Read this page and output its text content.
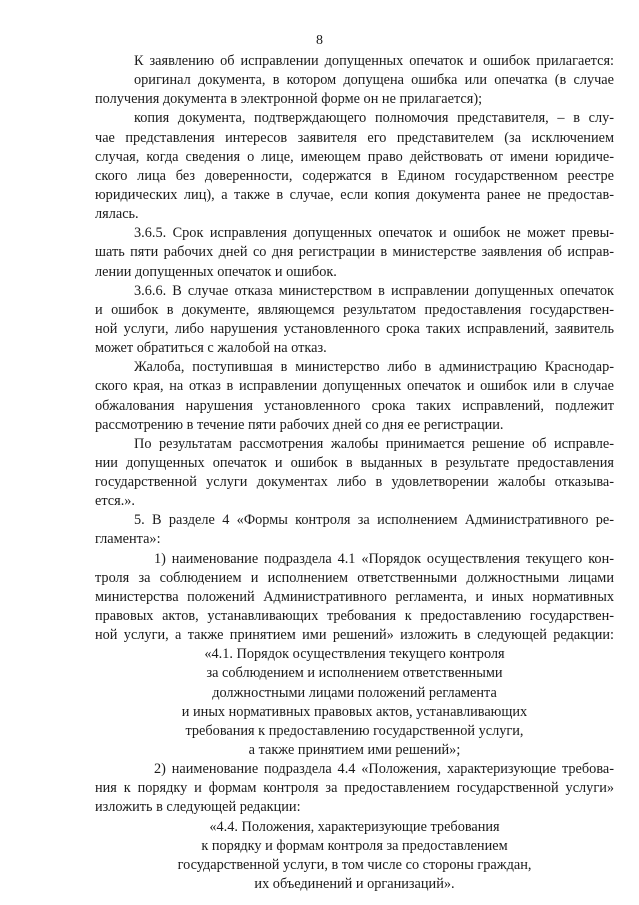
8
К заявлению об исправлении допущенных опечаток и ошибок прилагается:
оригинал документа, в котором допущена ошибка или опечатка (в случае
получения документа в электронной форме он не прилагается);
копия документа, подтверждающего полномочия представителя, – в слу-
чае представления интересов заявителя его представителем (за исключением
случая, когда сведения о лице, имеющем право действовать от имени юридиче-
ского лица без доверенности, содержатся в Едином государственном реестре
юридических лиц), а также в случае, если копия документа ранее не предостав-
лялась.
3.6.5. Срок исправления допущенных опечаток и ошибок не может превы-
шать пяти рабочих дней со дня регистрации в министерстве заявления об исправ-
лении допущенных опечаток и ошибок.
3.6.6. В случае отказа министерством в исправлении допущенных опечаток
и ошибок в документе, являющемся результатом предоставления государствен-
ной услуги, либо нарушения установленного срока таких исправлений, заявитель
может обратиться с жалобой на отказ.
Жалоба, поступившая в министерство либо в администрацию Краснодар-
ского края, на отказ в исправлении допущенных опечаток и ошибок или в случае
обжалования нарушения установленного срока таких исправлений, подлежит
рассмотрению в течение пяти рабочих дней со дня ее регистрации.
По результатам рассмотрения жалобы принимается решение об исправле-
нии допущенных опечаток и ошибок в выданных в результате предоставления
государственной услуги документах либо в удовлетворении жалобы отказыва-
ется.».
5. В разделе 4 «Формы контроля за исполнением Административного ре-
гламента»:
1) наименование подраздела 4.1 «Порядок осуществления текущего кон-
троля за соблюдением и исполнением ответственными должностными лицами
министерства положений Административного регламента, и иных нормативных
правовых актов, устанавливающих требования к предоставлению государствен-
ной услуги, а также принятием ими решений» изложить в следующей редакции:
«4.1. Порядок осуществления текущего контроля
за соблюдением и исполнением ответственными
должностными лицами положений регламента
и иных нормативных правовых актов, устанавливающих
требования к предоставлению государственной услуги,
а также принятием ими решений»;
2) наименование подраздела 4.4 «Положения, характеризующие требова-
ния к порядку и формам контроля за предоставлением государственной услуги»
изложить в следующей редакции:
«4.4. Положения, характеризующие требования
к порядку и формам контроля за предоставлением
государственной услуги, в том числе со стороны граждан,
их объединений и организаций».
